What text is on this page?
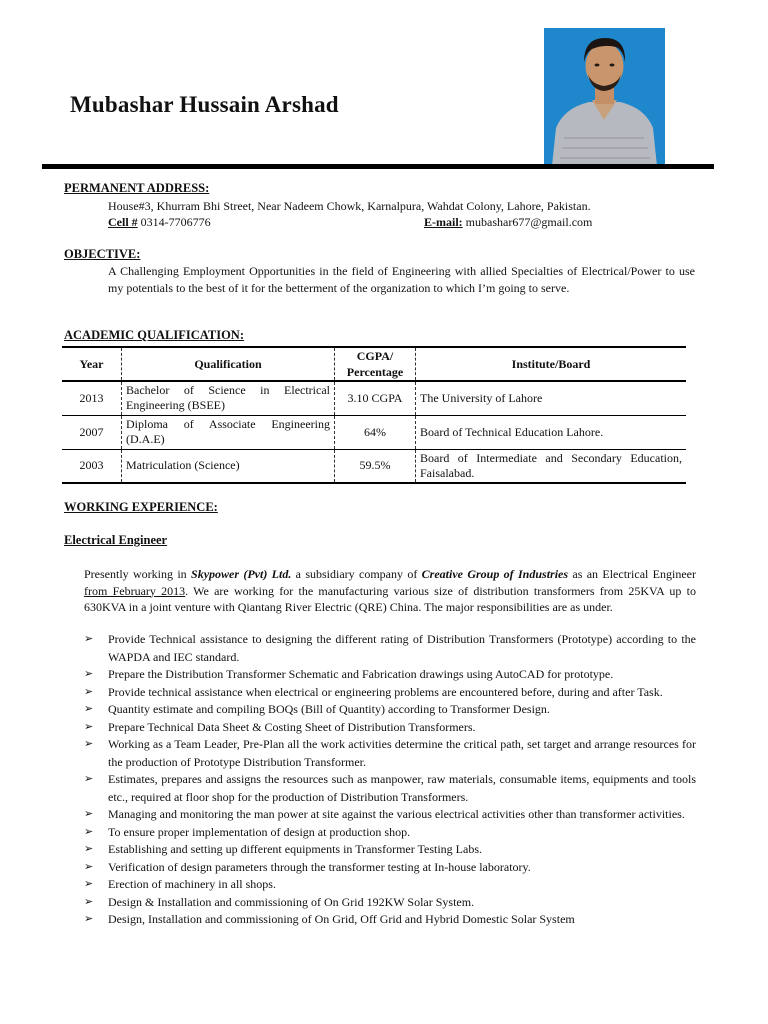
Mubashar Hussain Arshad
PERMANENT ADDRESS:
House#3, Khurram Bhi Street, Near Nadeem Chowk, Karnalpura, Wahdat Colony, Lahore, Pakistan.
Cell # 0314-7706776	E-mail: mubashar677@gmail.com
OBJECTIVE:
A Challenging Employment Opportunities in the field of Engineering with allied Specialties of Electrical/Power to use my potentials to the best of it for the betterment of the organization to which I’m going to serve.
ACADEMIC QUALIFICATION:
Year	Qualification	CGPA/ Percentage	Institute/Board
2013	Bachelor of Science in Electrical Engineering (BSEE)	3.10 CGPA	The University of Lahore
2007	Diploma of Associate Engineering (D.A.E)	64%	Board of Technical Education Lahore.
2003	Matriculation (Science)	59.5%	Board of Intermediate and Secondary Education, Faisalabad.
WORKING EXPERIENCE:
Electrical Engineer
Presently working in Skypower (Pvt) Ltd. a subsidiary company of Creative Group of Industries as an Electrical Engineer from February 2013. We are working for the manufacturing various size of distribution transformers from 25KVA up to 630KVA in a joint venture with Qiantang River Electric (QRE) China. The major responsibilities are as under.
➢ Provide Technical assistance to designing the different rating of Distribution Transformers (Prototype) according to the WAPDA and IEC standard.
➢ Prepare the Distribution Transformer Schematic and Fabrication drawings using AutoCAD for prototype.
➢ Provide technical assistance when electrical or engineering problems are encountered before, during and after Task.
➢ Quantity estimate and compiling BOQs (Bill of Quantity) according to Transformer Design.
➢ Prepare Technical Data Sheet & Costing Sheet of Distribution Transformers.
➢ Working as a Team Leader, Pre-Plan all the work activities determine the critical path, set target and arrange resources for the production of Prototype Distribution Transformer.
➢ Estimates, prepares and assigns the resources such as manpower, raw materials, consumable items, equipments and tools etc., required at floor shop for the production of Distribution Transformers.
➢ Managing and monitoring the man power at site against the various electrical activities other than transformer activities.
➢ To ensure proper implementation of design at production shop.
➢ Establishing and setting up different equipments in Transformer Testing Labs.
➢ Verification of design parameters through the transformer testing at In-house laboratory.
➢ Erection of machinery in all shops.
➢ Design & Installation and commissioning of On Grid 192KW Solar System.
➢ Design, Installation and commissioning of On Grid, Off Grid and Hybrid Domestic Solar System
